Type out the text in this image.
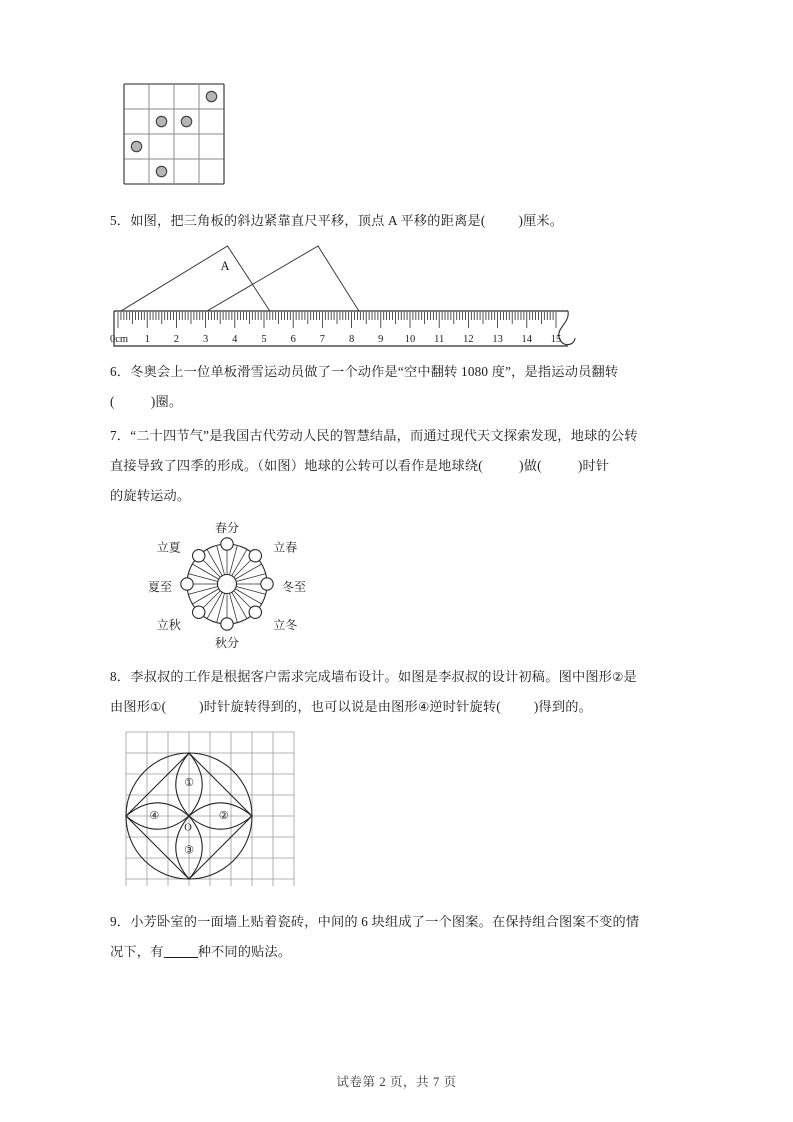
5．如图，把三角板的斜边紧靠直尺平移，顶点 A 平移的距离是( )厘米。
0cm 1 2 3 4 5 6 7 8 9 10 11 12 13 14 15
A
6．冬奥会上一位单板滑雪运动员做了一个动作是“空中翻转 1080 度”，是指运动员翻转
(	)圈。
7．“二十四节气”是我国古代劳动人民的智慧结晶，而通过现代天文探索发现，地球的公转
直接导致了四季的形成。（如图）地球的公转可以看作是地球绕(	)做(	)时针
的旋转运动。
春分
立春
冬至
立冬
秋分
立秋
夏至
立夏
8．李叔叔的工作是根据客户需求完成墙布设计。如图是李叔叔的设计初稿。图中图形②是
由图形①( )时针旋转得到的，也可以说是由图形④逆时针旋转( )得到的。
①
②
③
④
O
9．小芳卧室的一面墙上贴着瓷砖，中间的 6 块组成了一个图案。在保持组合图案不变的情
况下，有	种不同的贴法。
试卷第 2 页，共 7 页
